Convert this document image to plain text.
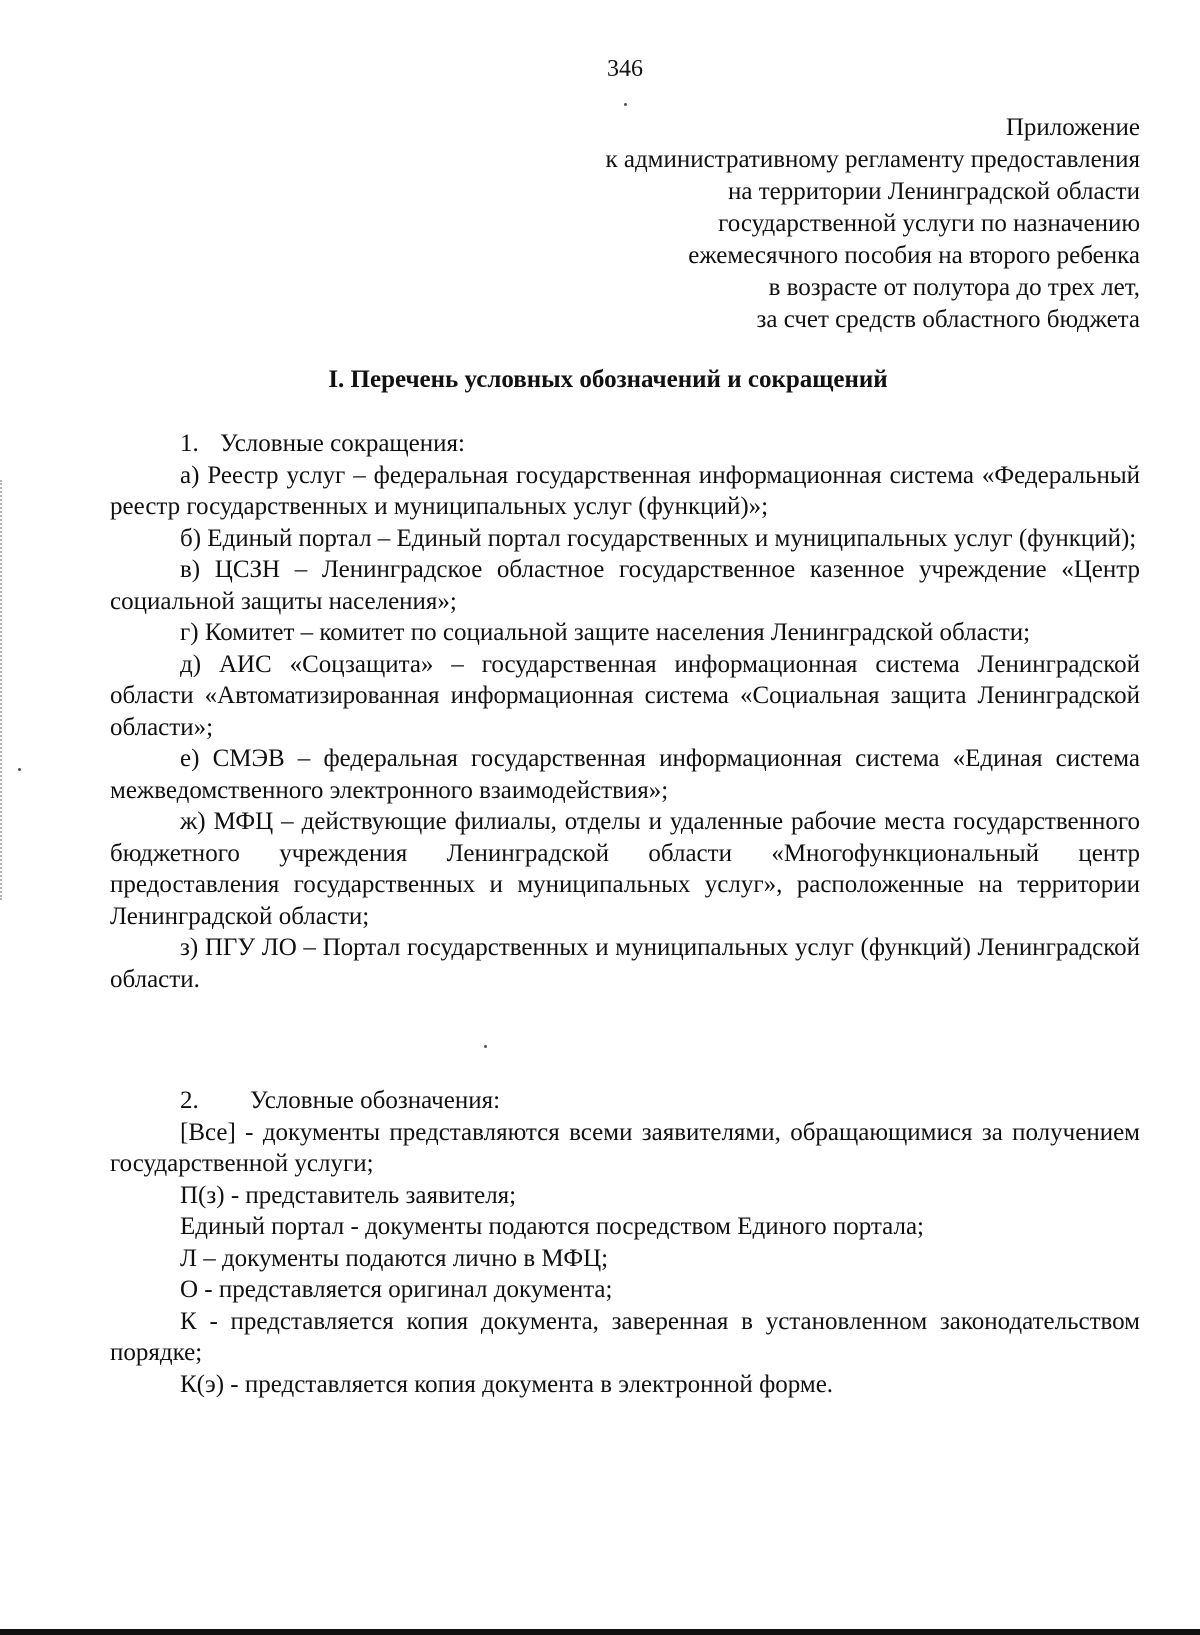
346
Приложение
к административному регламенту предоставления
на территории Ленинградской области
государственной услуги по назначению
ежемесячного пособия на второго ребенка
в возрасте от полутора до трех лет,
за счет средств областного бюджета
I. Перечень условных обозначений и сокращений

1. Условные сокращения:

а) Реестр услуг – федеральная государственная информационная система «Федеральный реестр государственных и муниципальных услуг (функций)»;

б) Единый портал – Единый портал государственных и муниципальных услуг (функций);

в) ЦСЗН – Ленинградское областное государственное казенное учреждение «Центр социальной защиты населения»;

г) Комитет – комитет по социальной защите населения Ленинградской области;

д) АИС «Соцзащита» – государственная информационная система Ленинградской области «Автоматизированная информационная система «Социальная защита Ленинградской области»;

е) СМЭВ – федеральная государственная информационная система «Единая система межведомственного электронного взаимодействия»;

ж) МФЦ – действующие филиалы, отделы и удаленные рабочие места государственного бюджетного учреждения Ленинградской области «Многофункциональный центр предоставления государственных и муниципальных услуг», расположенные на территории Ленинградской области;

з) ПГУ ЛО – Портал государственных и муниципальных услуг (функций) Ленинградской области.

2. Условные обозначения:

[Все] - документы представляются всеми заявителями, обращающимися за получением государственной услуги;

П(з) - представитель заявителя;

Единый портал - документы подаются посредством Единого портала;

Л – документы подаются лично в МФЦ;

О - представляется оригинал документа;

К - представляется копия документа, заверенная в установленном законодательством порядке;

К(э) - представляется копия документа в электронной форме.
